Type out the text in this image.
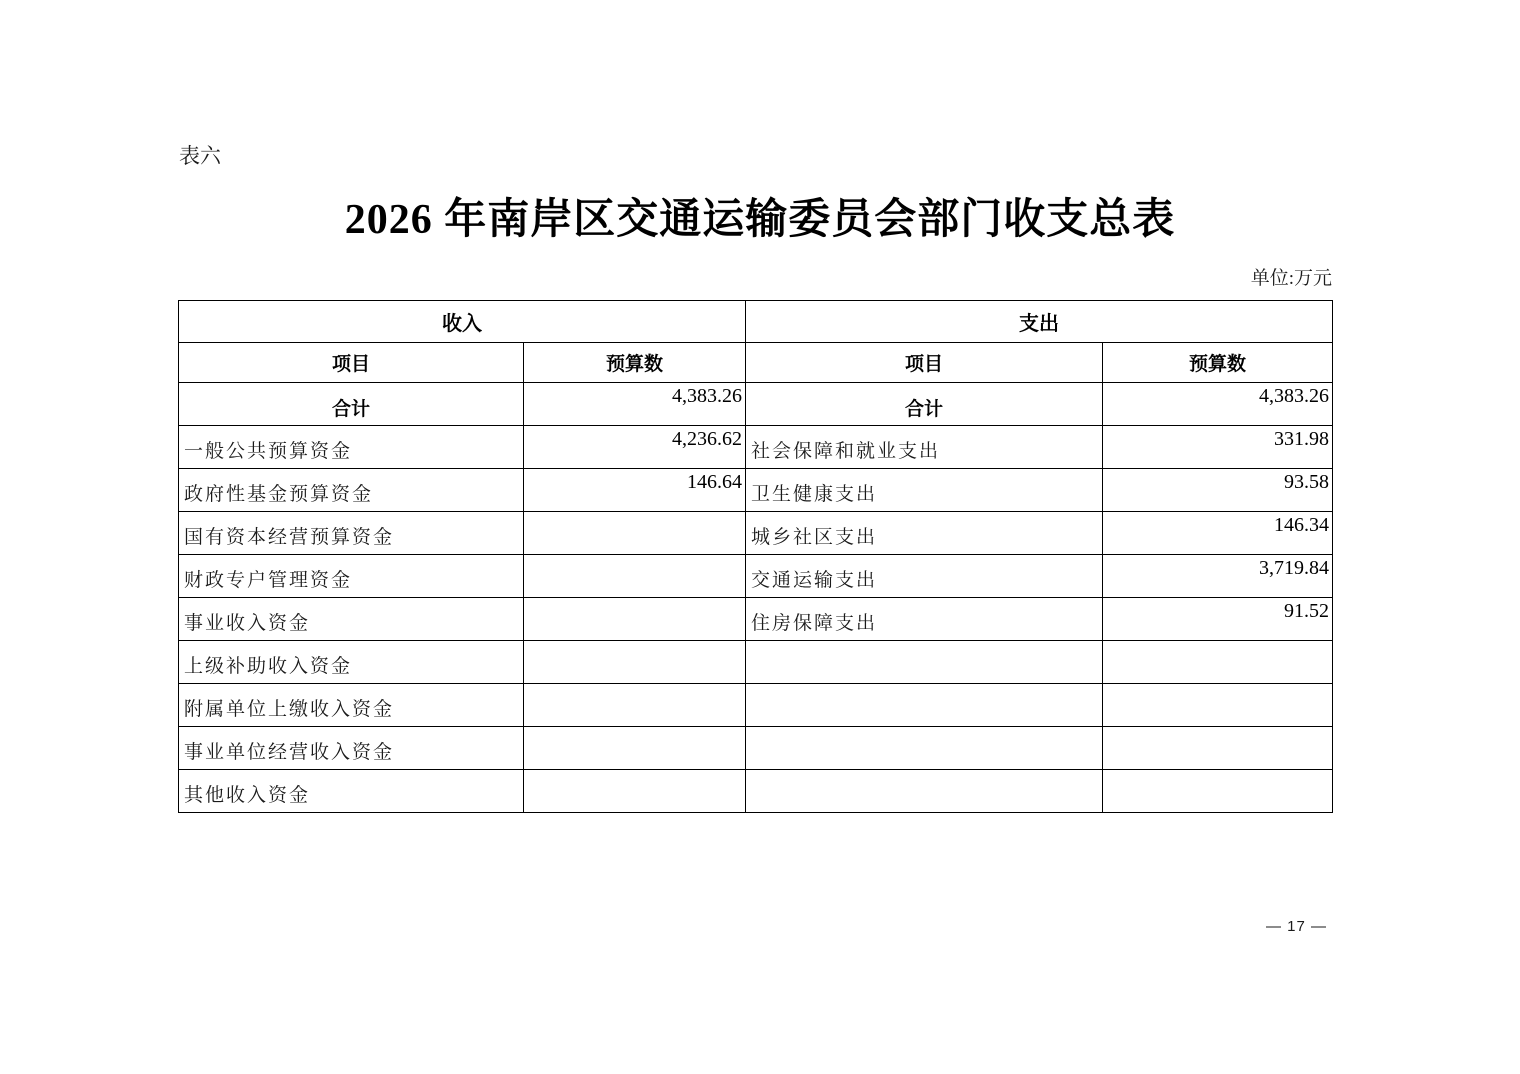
表六
2026 年南岸区交通运输委员会部门收支总表
单位:万元
收入		支出	
项目	预算数	项目	预算数
合计	4,383.26	合计	4,383.26
一般公共预算资金	4,236.62	社会保障和就业支出	331.98
政府性基金预算资金	146.64	卫生健康支出	93.58
国有资本经营预算资金		城乡社区支出	146.34
财政专户管理资金		交通运输支出	3,719.84
事业收入资金		住房保障支出	91.52
上级补助收入资金			
附属单位上缴收入资金			
事业单位经营收入资金			
其他收入资金			
— 17 —
